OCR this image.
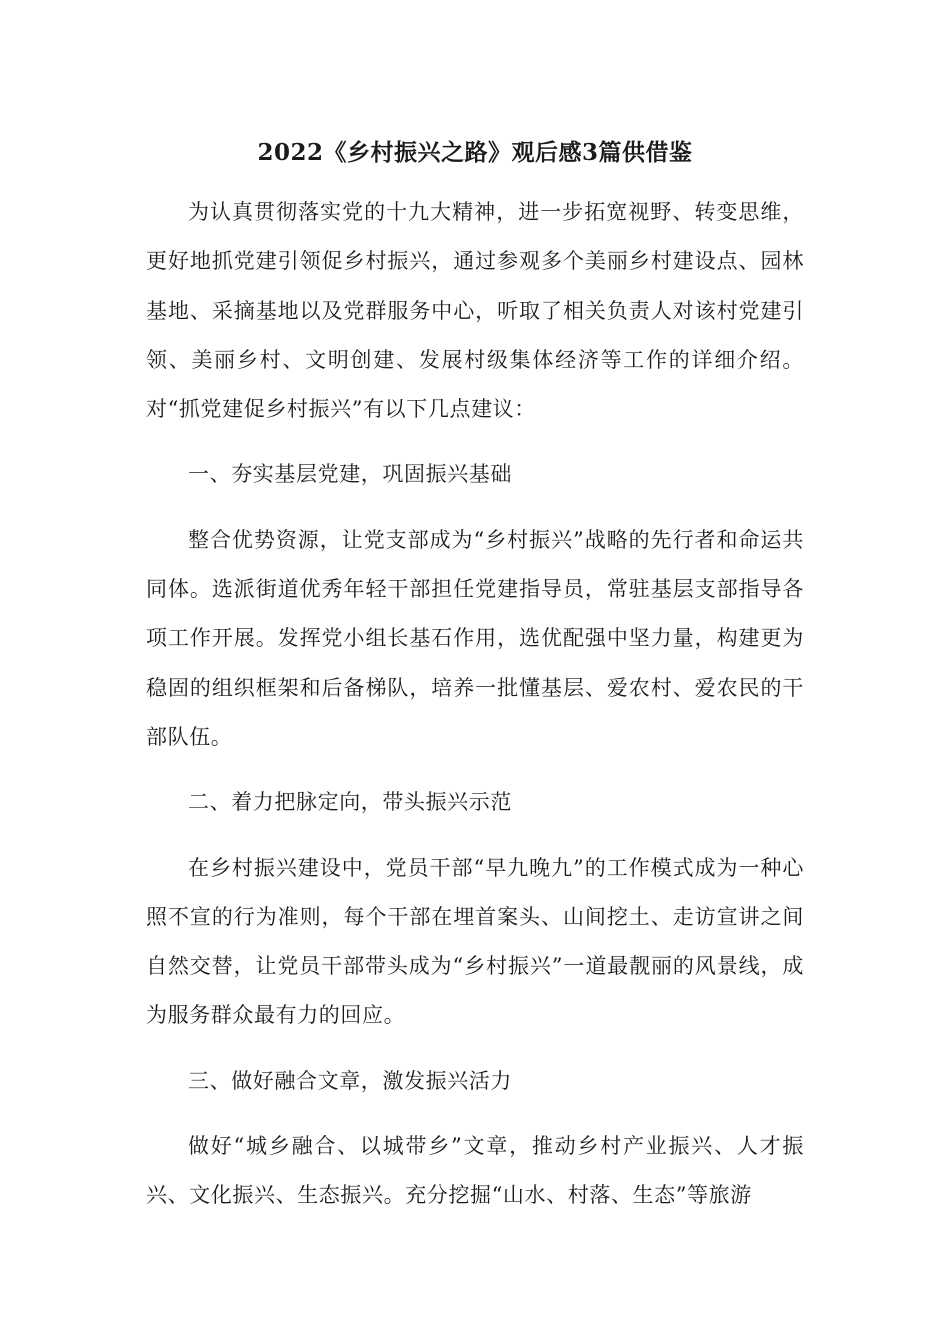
2022《乡村振兴之路》观后感3篇供借鉴

为认真贯彻落实党的十九大精神，进一步拓宽视野、转变思维，更好地抓党建引领促乡村振兴，通过参观多个美丽乡村建设点、园林基地、采摘基地以及党群服务中心，听取了相关负责人对该村党建引领、美丽乡村、文明创建、发展村级集体经济等工作的详细介绍。对“抓党建促乡村振兴”有以下几点建议：

一、夯实基层党建，巩固振兴基础

整合优势资源，让党支部成为“乡村振兴”战略的先行者和命运共同体。选派街道优秀年轻干部担任党建指导员，常驻基层支部指导各项工作开展。发挥党小组长基石作用，选优配强中坚力量，构建更为稳固的组织框架和后备梯队，培养一批懂基层、爱农村、爱农民的干部队伍。

二、着力把脉定向，带头振兴示范

在乡村振兴建设中，党员干部“早九晚九”的工作模式成为一种心照不宣的行为准则，每个干部在埋首案头、山间挖土、走访宣讲之间自然交替，让党员干部带头成为“乡村振兴”一道最靓丽的风景线，成为服务群众最有力的回应。

三、做好融合文章，激发振兴活力

做好“城乡融合、以城带乡”文章，推动乡村产业振兴、人才振兴、文化振兴、生态振兴。充分挖掘“山水、村落、生态”等旅游
